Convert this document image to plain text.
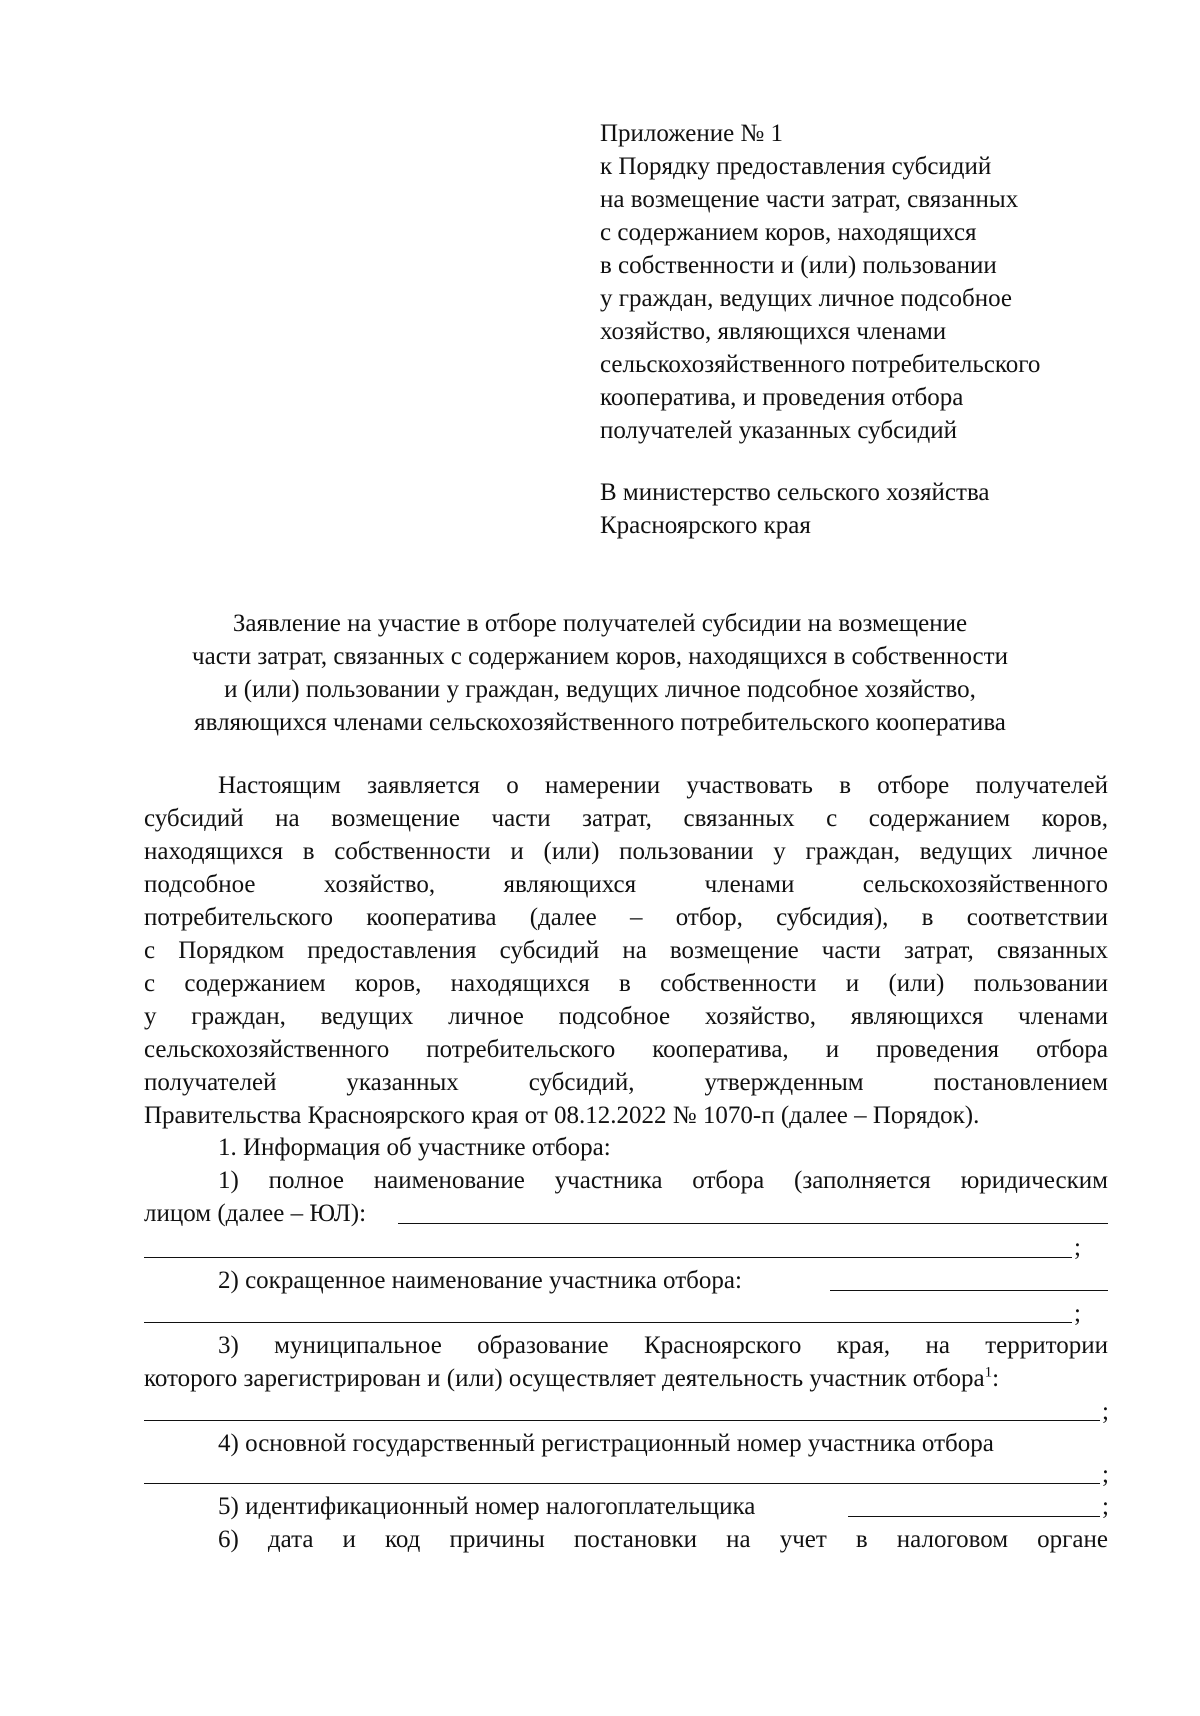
Приложение № 1
к Порядку предоставления субсидий
на возмещение части затрат, связанных
с содержанием коров, находящихся
в собственности и (или) пользовании
у граждан, ведущих личное подсобное
хозяйство, являющихся членами
сельскохозяйственного потребительского
кооператива, и проведения отбора
получателей указанных субсидий
В министерство сельского хозяйства
Красноярского края
Заявление на участие в отборе получателей субсидии на возмещение
части затрат, связанных с содержанием коров, находящихся в собственности
и (или) пользовании у граждан, ведущих личное подсобное хозяйство,
являющихся членами сельскохозяйственного потребительского кооператива
Настоящим заявляется о намерении участвовать в отборе получателей
субсидий на возмещение части затрат, связанных с содержанием коров,
находящихся в собственности и (или) пользовании у граждан, ведущих личное
подсобное хозяйство, являющихся членами сельскохозяйственного
потребительского кооператива (далее – отбор, субсидия), в соответствии
с Порядком предоставления субсидий на возмещение части затрат, связанных
с содержанием коров, находящихся в собственности и (или) пользовании
у граждан, ведущих личное подсобное хозяйство, являющихся членами
сельскохозяйственного потребительского кооператива, и проведения отбора
получателей указанных субсидий, утвержденным постановлением
Правительства Красноярского края от 08.12.2022 № 1070-п (далее – Порядок).
1. Информация об участнике отбора:
1) полное наименование участника отбора (заполняется юридическим
лицом (далее – ЮЛ):
;
2) сокращенное наименование участника отбора:
;
3) муниципальное образование Красноярского края, на территории
которого зарегистрирован и (или) осуществляет деятельность участник отбора$^1$:
;
4) основной государственный регистрационный номер участника отбора
;
5) идентификационный номер налогоплательщика	;
6) дата и код причины постановки на учет в налоговом органе
